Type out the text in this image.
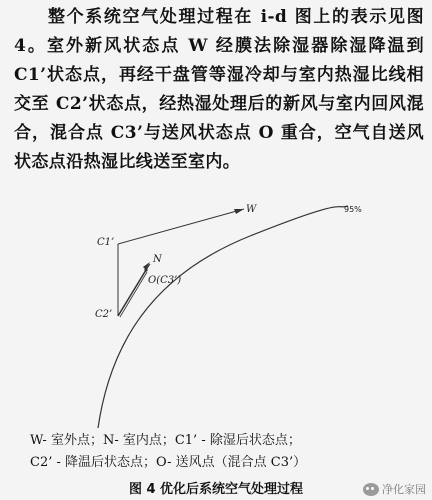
整个系统空气处理过程在 i-d 图上的表示见图4。室外新风状态点 W 经膜法除湿器除湿降温到 C1’状态点，再经干盘管等湿冷却与室内热湿比线相交至 C2’状态点，经热湿处理后的新风与室内回风混合，混合点 C3’与送风状态点 O 重合，空气自送风状态点沿热湿比线送至室内。
W
C1’
N
O(C3’)
C2’
95%
W- 室外点；N- 室内点；C1’ - 除湿后状态点；
C2’ - 降温后状态点；O- 送风点（混合点 C3’）
图 4 优化后系统空气处理过程	净化家园
